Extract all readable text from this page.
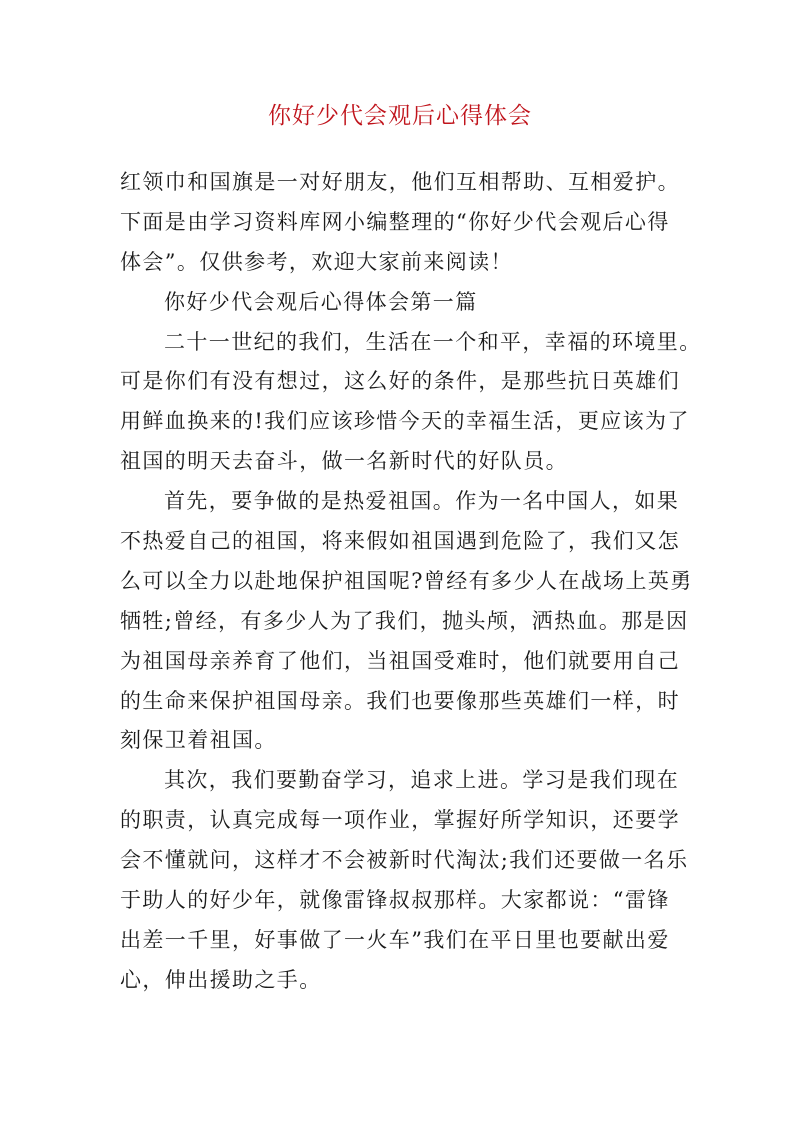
你好少代会观后心得体会
红领巾和国旗是一对好朋友，他们互相帮助、互相爱护。
下面是由学习资料库网小编整理的“你好少代会观后心得
体会”。仅供参考，欢迎大家前来阅读！
你好少代会观后心得体会第一篇
二十一世纪的我们，生活在一个和平，幸福的环境里。
可是你们有没有想过，这么好的条件，是那些抗日英雄们
用鲜血换来的!我们应该珍惜今天的幸福生活，更应该为了
祖国的明天去奋斗，做一名新时代的好队员。
首先，要争做的是热爱祖国。作为一名中国人，如果
不热爱自己的祖国，将来假如祖国遇到危险了，我们又怎
么可以全力以赴地保护祖国呢?曾经有多少人在战场上英勇
牺牲;曾经，有多少人为了我们，抛头颅，洒热血。那是因
为祖国母亲养育了他们，当祖国受难时，他们就要用自己
的生命来保护祖国母亲。我们也要像那些英雄们一样，时
刻保卫着祖国。
其次，我们要勤奋学习，追求上进。学习是我们现在
的职责，认真完成每一项作业，掌握好所学知识，还要学
会不懂就问，这样才不会被新时代淘汰;我们还要做一名乐
于助人的好少年，就像雷锋叔叔那样。大家都说：“雷锋
出差一千里，好事做了一火车”我们在平日里也要献出爱
心，伸出援助之手。
